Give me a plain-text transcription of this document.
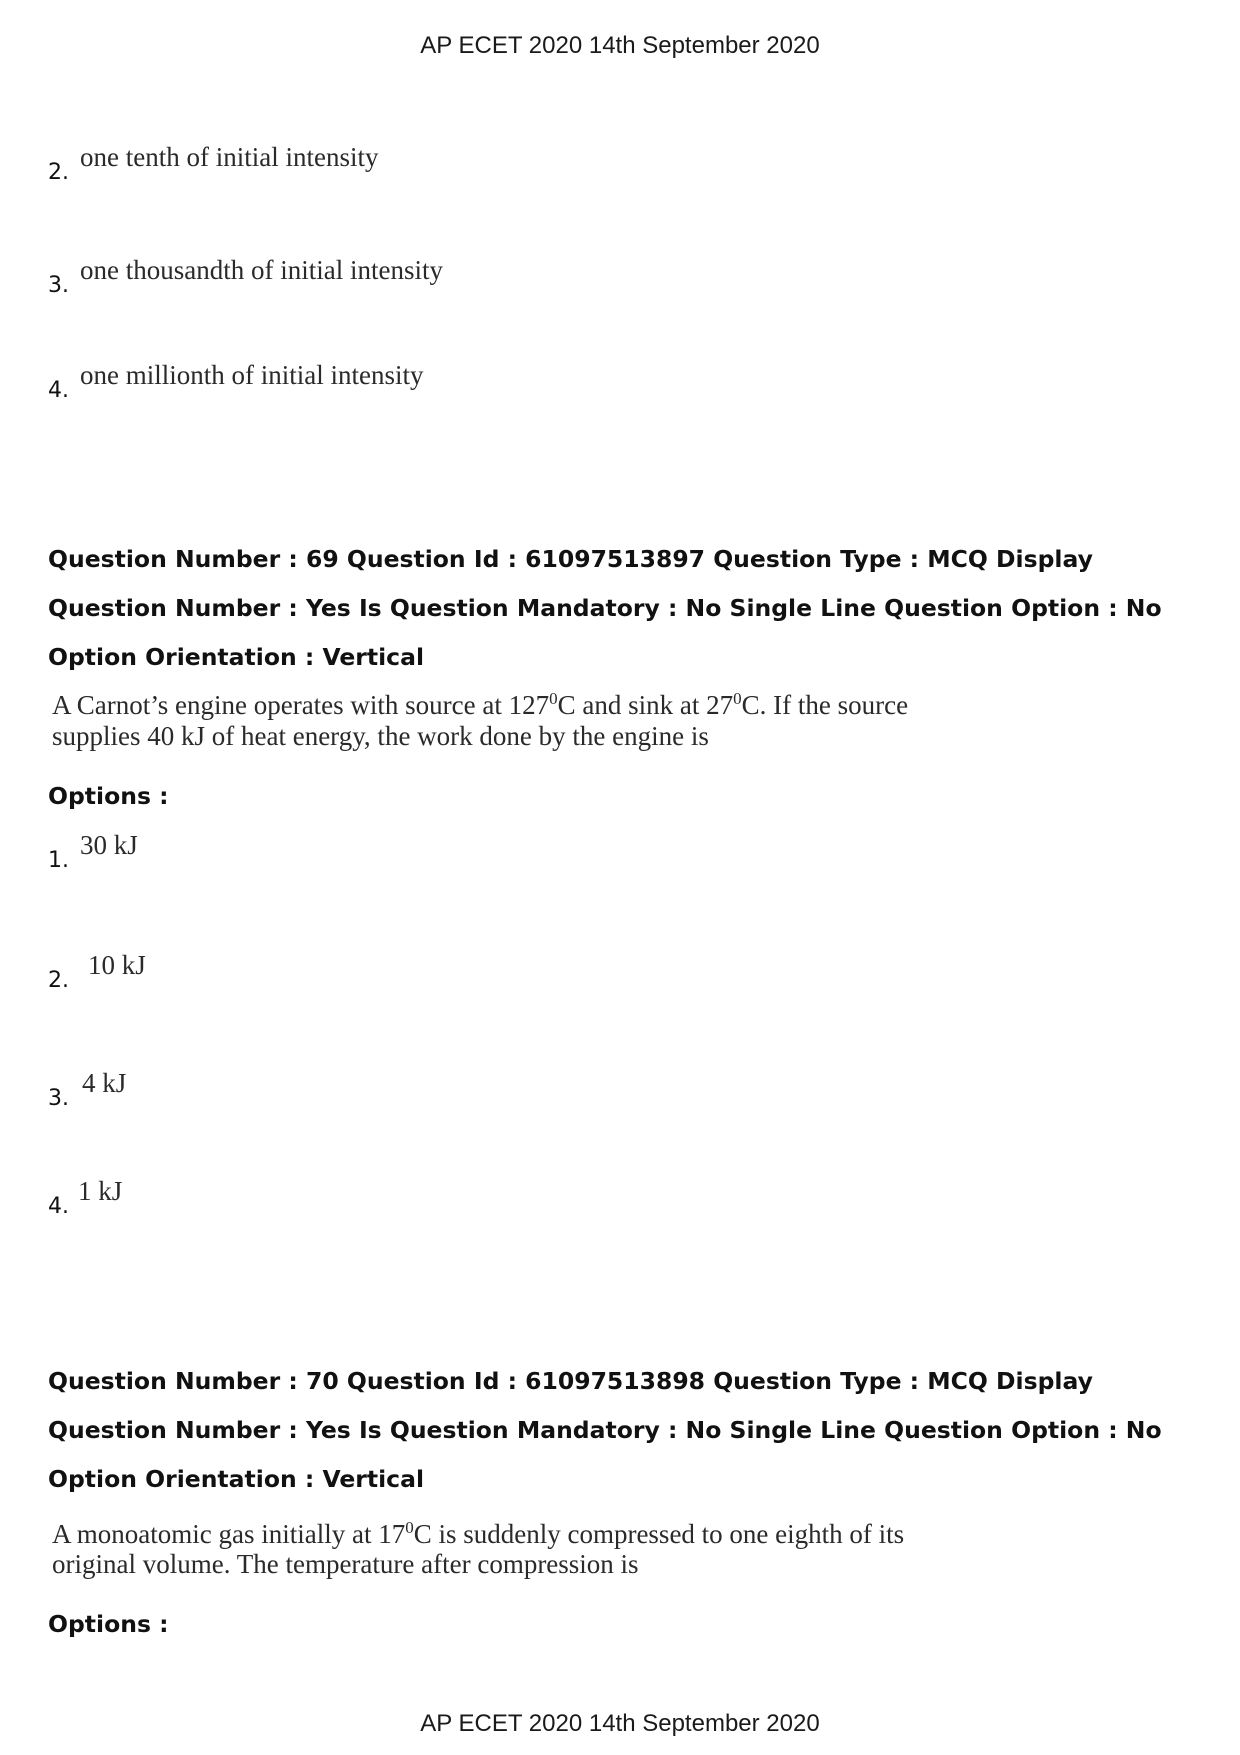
AP ECET 2020 14th September 2020
2.
one tenth of initial intensity
3.
one thousandth of initial intensity
4.
one millionth of initial intensity
Question Number : 69 Question Id : 61097513897 Question Type : MCQ Display Question Number : Yes Is Question Mandatory : No Single Line Question Option : No Option Orientation : Vertical
A Carnot’s engine operates with source at $127^0C$ and sink at $27^0C$. If the source
supplies 40 kJ of heat energy, the work done by the engine is
Options :
1.
30 kJ
2.
10 kJ
3.
4 kJ
4.
1 kJ
Question Number : 70 Question Id : 61097513898 Question Type : MCQ Display Question Number : Yes Is Question Mandatory : No Single Line Question Option : No Option Orientation : Vertical
A monoatomic gas initially at $17^0C$ is suddenly compressed to one eighth of its
original volume. The temperature after compression is
Options :
AP ECET 2020 14th September 2020
